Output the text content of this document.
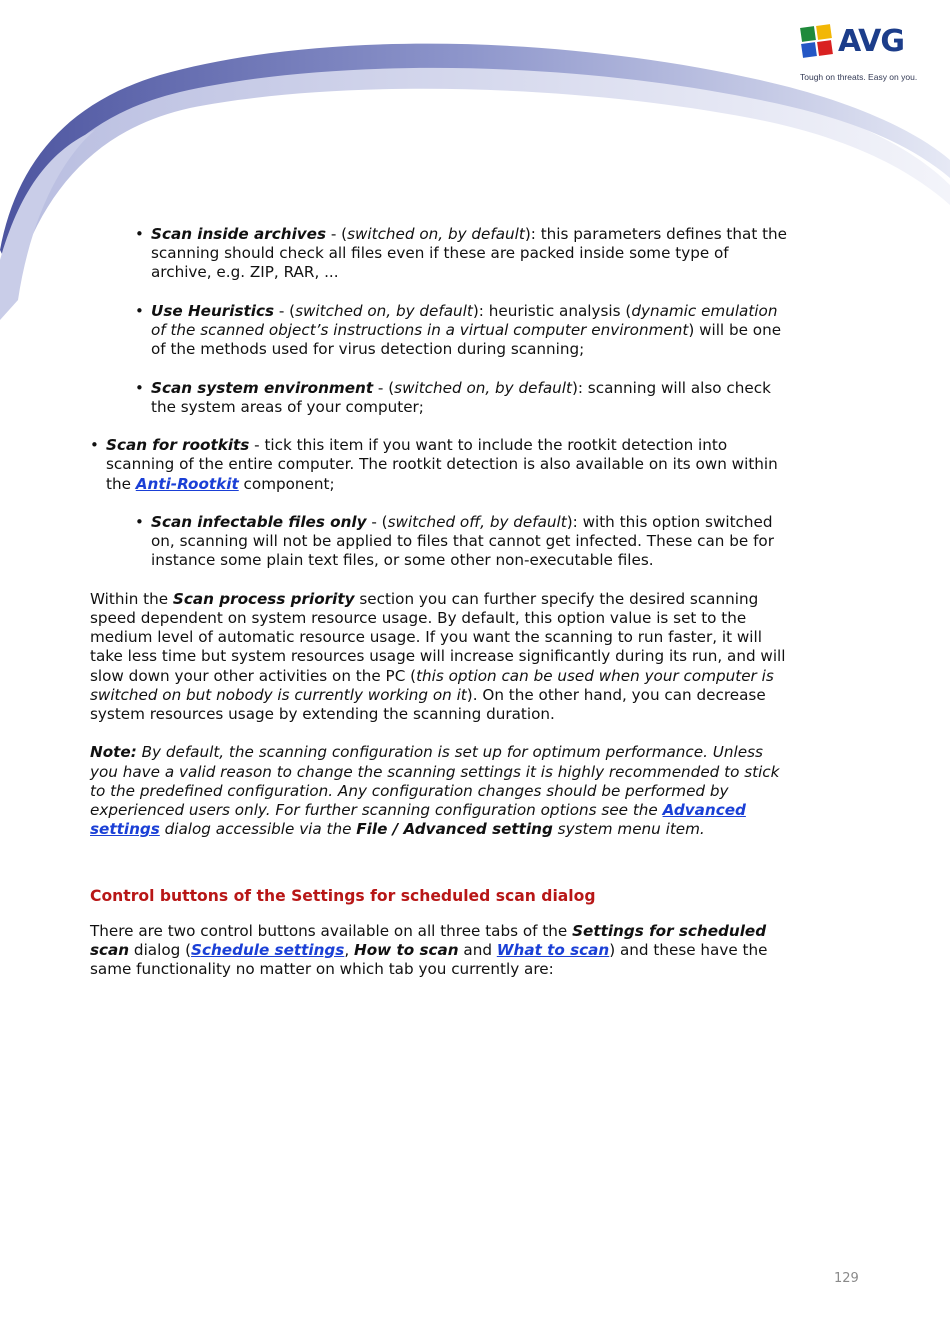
AVG
Tough on threats. Easy on you.
• Scan inside archives - (switched on, by default): this parameters defines that the scanning should check all files even if these are packed inside some type of archive, e.g. ZIP, RAR, ...
• Use Heuristics - (switched on, by default): heuristic analysis (dynamic emulation of the scanned object’s instructions in a virtual computer environment) will be one of the methods used for virus detection during scanning;
• Scan system environment - (switched on, by default): scanning will also check the system areas of your computer;
• Scan for rootkits - tick this item if you want to include the rootkit detection into scanning of the entire computer. The rootkit detection is also available on its own within the Anti-Rootkit component;
• Scan infectable files only - (switched off, by default): with this option switched on, scanning will not be applied to files that cannot get infected. These can be for instance some plain text files, or some other non-executable files.

Within the Scan process priority section you can further specify the desired scanning speed dependent on system resource usage. By default, this option value is set to the medium level of automatic resource usage. If you want the scanning to run faster, it will take less time but system resources usage will increase significantly during its run, and will slow down your other activities on the PC (this option can be used when your computer is switched on but nobody is currently working on it). On the other hand, you can decrease system resources usage by extending the scanning duration.

Note: By default, the scanning configuration is set up for optimum performance. Unless you have a valid reason to change the scanning settings it is highly recommended to stick to the predefined configuration. Any configuration changes should be performed by experienced users only. For further scanning configuration options see the Advanced settings dialog accessible via the File / Advanced setting system menu item.

Control buttons of the Settings for scheduled scan dialog

There are two control buttons available on all three tabs of the Settings for scheduled scan dialog (Schedule settings, How to scan and What to scan) and these have the same functionality no matter on which tab you currently are:

129
